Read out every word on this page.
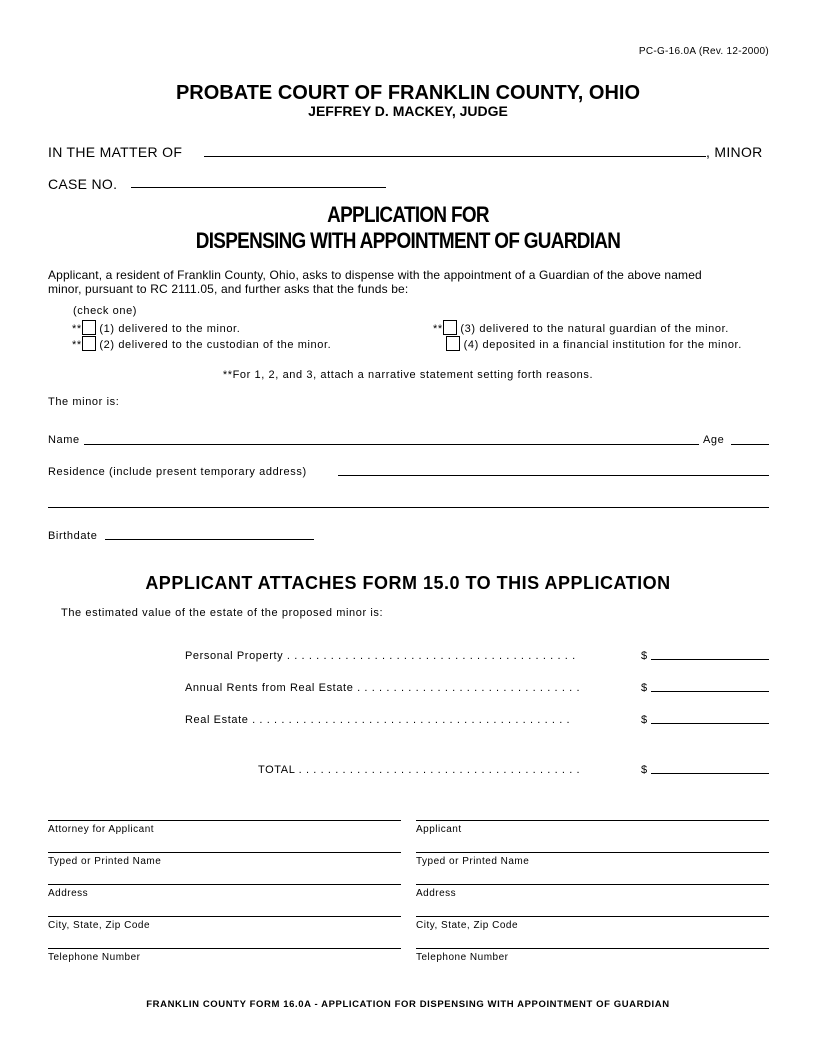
PC-G-16.0A (Rev. 12-2000)
PROBATE COURT OF FRANKLIN COUNTY, OHIO
JEFFREY D. MACKEY, JUDGE
IN THE MATTER OF	, MINOR
CASE NO.
APPLICATION FOR
DISPENSING WITH APPOINTMENT OF GUARDIAN
Applicant, a resident of Franklin County, Ohio, asks to dispense with the appointment of a Guardian of the above named
minor, pursuant to RC 2111.05, and further asks that the funds be:
(check one)
** (1) delivered to the minor.
** (2) delivered to the custodian of the minor.
** (3) delivered to the natural guardian of the minor.
(4) deposited in a financial institution for the minor.
**For 1, 2, and 3, attach a narrative statement setting forth reasons.
The minor is:
Name	Age
Residence (include present temporary address)
Birthdate
APPLICANT ATTACHES FORM 15.0 TO THIS APPLICATION
The estimated value of the estate of the proposed minor is:
Personal Property . . . . . . . . . . . . . . . . . . . . . . . . . . . . . . . . . . . . . . . .	$
Annual Rents from Real Estate . . . . . . . . . . . . . . . . . . . . . . . . . . . . . . .	$
Real Estate . . . . . . . . . . . . . . . . . . . . . . . . . . . . . . . . . . . . . . . . . . . .	$
TOTAL . . . . . . . . . . . . . . . . . . . . . . . . . . . . . . . . . . . . . . .	$
Attorney for Applicant	Applicant
Typed or Printed Name	Typed or Printed Name
Address	Address
City, State, Zip Code	City, State, Zip Code
Telephone Number	Telephone Number
FRANKLIN COUNTY FORM 16.0A - APPLICATION FOR DISPENSING WITH APPOINTMENT OF GUARDIAN
